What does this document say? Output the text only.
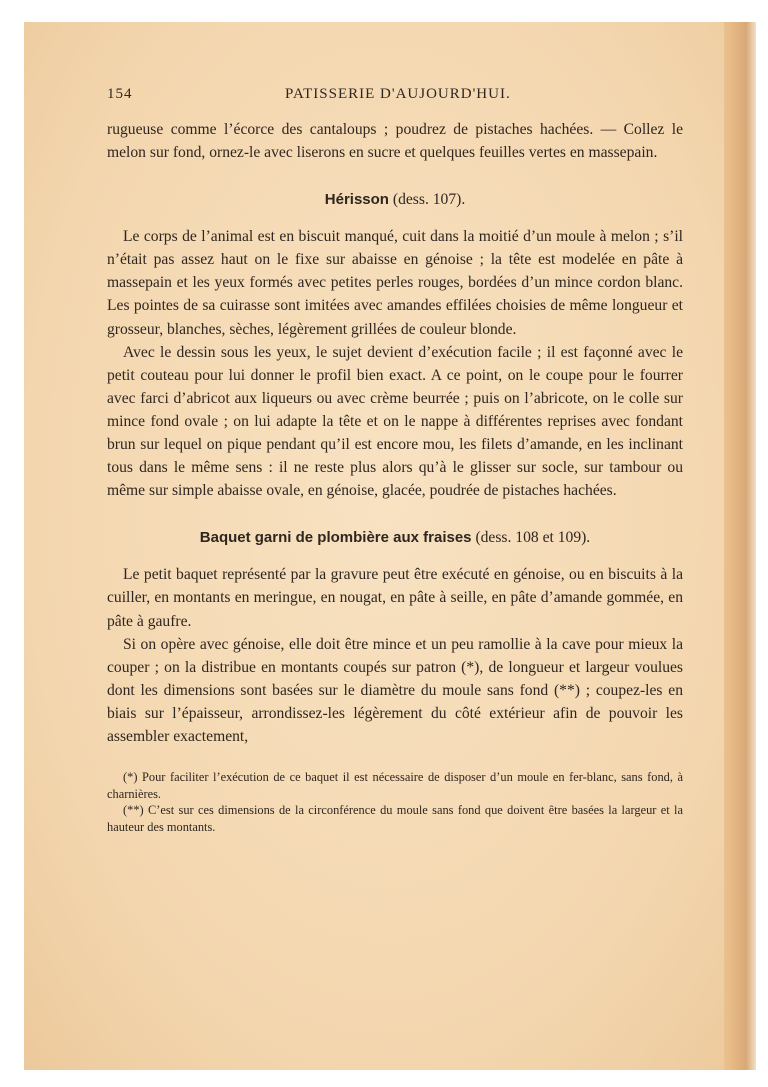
154	PATISSERIE D'AUJOURD'HUI.

rugueuse comme l’écorce des cantaloups ; poudrez de pistaches hachées. — Collez le melon sur fond, ornez-le avec liserons en sucre et quelques feuilles vertes en massepain.

Hérisson (dess. 107).

Le corps de l’animal est en biscuit manqué, cuit dans la moitié d’un moule à melon ; s’il n’était pas assez haut on le fixe sur abaisse en génoise ; la tête est modelée en pâte à massepain et les yeux formés avec petites perles rouges, bordées d’un mince cordon blanc. Les pointes de sa cuirasse sont imitées avec amandes effilées choisies de même longueur et grosseur, blanches, sèches, légèrement grillées de couleur blonde.

Avec le dessin sous les yeux, le sujet devient d’exécution facile ; il est façonné avec le petit couteau pour lui donner le profil bien exact. A ce point, on le coupe pour le fourrer avec farci d’abricot aux liqueurs ou avec crème beurrée ; puis on l’abricote, on le colle sur mince fond ovale ; on lui adapte la tête et on le nappe à différentes reprises avec fondant brun sur lequel on pique pendant qu’il est encore mou, les filets d’amande, en les inclinant tous dans le même sens : il ne reste plus alors qu’à le glisser sur socle, sur tambour ou même sur simple abaisse ovale, en génoise, glacée, poudrée de pistaches hachées.

Baquet garni de plombière aux fraises (dess. 108 et 109).

Le petit baquet représenté par la gravure peut être exécuté en génoise, ou en biscuits à la cuiller, en montants en meringue, en nougat, en pâte à seille, en pâte d’amande gommée, en pâte à gaufre.

Si on opère avec génoise, elle doit être mince et un peu ramollie à la cave pour mieux la couper ; on la distribue en montants coupés sur patron (*), de longueur et largeur voulues dont les dimensions sont basées sur le diamètre du moule sans fond (**) ; coupez-les en biais sur l’épaisseur, arrondissez-les légèrement du côté extérieur afin de pouvoir les assembler exactement,

(*) Pour faciliter l’exécution de ce baquet il est nécessaire de disposer d’un moule en fer-blanc, sans fond, à charnières.

(**) C’est sur ces dimensions de la circonférence du moule sans fond que doivent être basées la largeur et la hauteur des montants.
